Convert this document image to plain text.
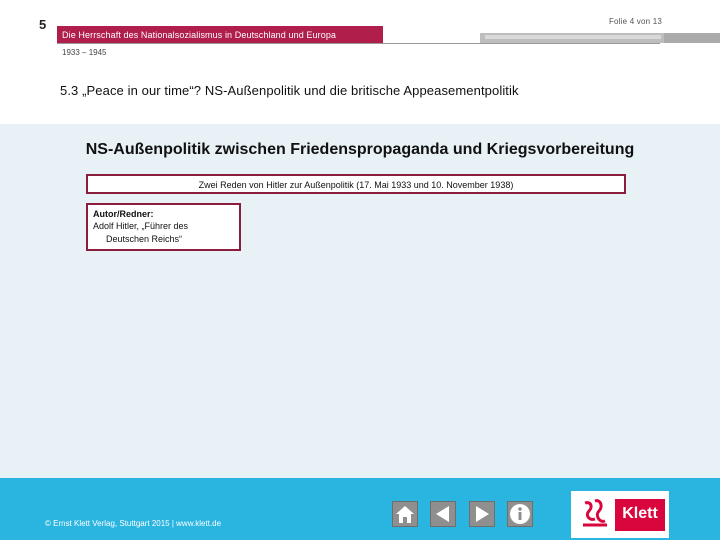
5	Folie 4 von 13
Die Herrschaft des Nationalsozialismus in Deutschland und Europa
1933 – 1945
5.3 „Peace in our time“? NS-Außenpolitik und die britische Appeasementpolitik
NS-Außenpolitik zwischen Friedenspropaganda und Kriegsvorbereitung
Zwei Reden von Hitler zur Außenpolitik (17. Mai 1933 und 10. November 1938)
Autor/Redner:
Adolf Hitler, „Führer des
Deutschen Reichs“
© Ernst Klett Verlag, Stuttgart 2015 | www.klett.de
Klett
